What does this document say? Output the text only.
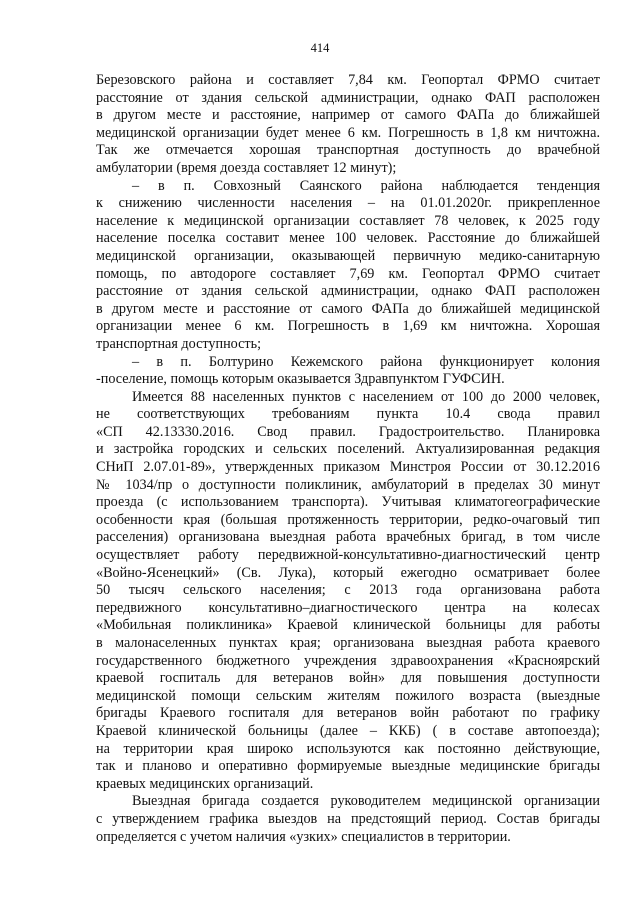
414
Березовского района и составляет 7,84 км. Геопортал ФРМО считает
расстояние от здания сельской администрации, однако ФАП расположен
в другом месте и расстояние, например от самого ФАПа до ближайшей
медицинской организации будет менее 6 км. Погрешность в 1,8 км ничтожна.
Так же отмечается хорошая транспортная доступность до врачебной
амбулатории (время доезда составляет 12 минут);
– в п. Совхозный Саянского района наблюдается тенденция
к снижению численности населения – на 01.01.2020г. прикрепленное
население к медицинской организации составляет 78 человек, к 2025 году
население поселка составит менее 100 человек. Расстояние до ближайшей
медицинской организации, оказывающей первичную медико-санитарную
помощь, по автодороге составляет 7,69 км. Геопортал ФРМО считает
расстояние от здания сельской администрации, однако ФАП расположен
в другом месте и расстояние от самого ФАПа до ближайшей медицинской
организации менее 6 км. Погрешность в 1,69 км ничтожна. Хорошая
транспортная доступность;
– в п. Болтурино Кежемского района функционирует колония
-поселение, помощь которым оказывается Здравпунктом ГУФСИН.
Имеется 88 населенных пунктов с населением от 100 до 2000 человек,
не соответствующих требованиям пункта 10.4 свода правил
«СП 42.13330.2016. Свод правил. Градостроительство. Планировка
и застройка городских и сельских поселений. Актуализированная редакция
СНиП 2.07.01-89», утвержденных приказом Минстроя России от 30.12.2016
№ 1034/пр о доступности поликлиник, амбулаторий в пределах 30 минут
проезда (с использованием транспорта). Учитывая климатогеографические
особенности края (большая протяженность территории, редко-очаговый тип
расселения) организована выездная работа врачебных бригад, в том числе
осуществляет работу передвижной-консультативно-диагностический центр
«Войно-Ясенецкий» (Св. Лука), который ежегодно осматривает более
50 тысяч сельского населения; с 2013 года организована работа
передвижного консультативно–диагностического центра на колесах
«Мобильная поликлиника» Краевой клинической больницы для работы
в малонаселенных пунктах края; организована выездная работа краевого
государственного бюджетного учреждения здравоохранения «Красноярский
краевой госпиталь для ветеранов войн» для повышения доступности
медицинской помощи сельским жителям пожилого возраста (выездные
бригады Краевого госпиталя для ветеранов войн работают по графику
Краевой клинической больницы (далее – ККБ) ( в составе автопоезда);
на территории края широко используются как постоянно действующие,
так и планово и оперативно формируемые выездные медицинские бригады
краевых медицинских организаций.
Выездная бригада создается руководителем медицинской организации
с утверждением графика выездов на предстоящий период. Состав бригады
определяется с учетом наличия «узких» специалистов в территории.
